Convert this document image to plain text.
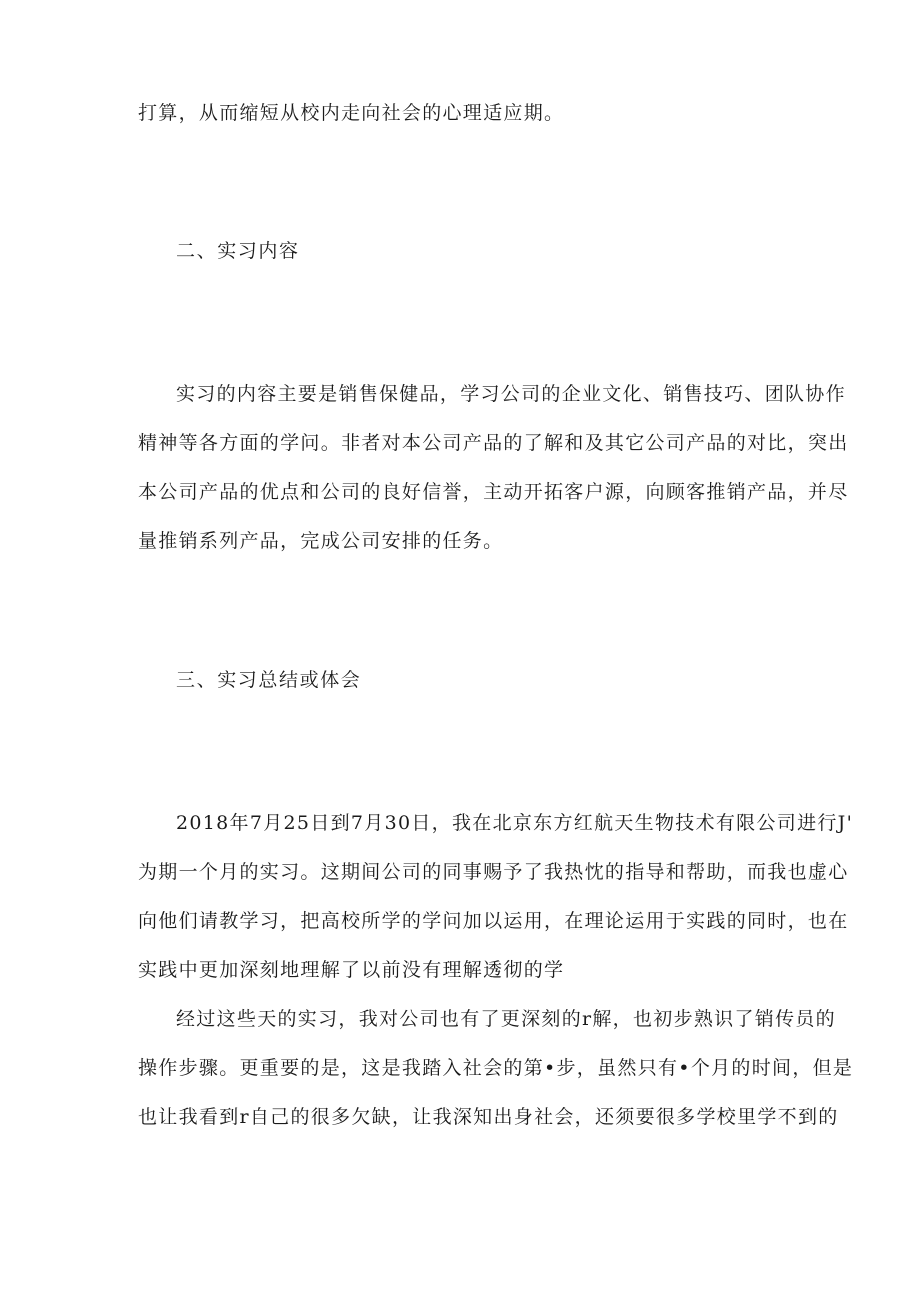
打算，从而缩短从校内走向社会的心理适应期。
二、实习内容
实习的内容主要是销售保健品，学习公司的企业文化、销售技巧、团队协作
精神等各方面的学问。非者对本公司产品的了解和及其它公司产品的对比，突出
本公司产品的优点和公司的良好信誉，主动开拓客户源，向顾客推销产品，并尽
量推销系列产品，完成公司安排的任务。
三、实习总结或体会
2018年7月25日到7月30日，我在北京东方红航天生物技术有限公司进行J'
为期一个月的实习。这期间公司的同事赐予了我热忱的指导和帮助，而我也虚心
向他们请教学习，把高校所学的学问加以运用，在理论运用于实践的同时，也在
实践中更加深刻地理解了以前没有理解透彻的学
经过这些天的实习，我对公司也有了更深刻的r解，也初步熟识了销传员的
操作步骤。更重要的是，这是我踏入社会的第•步，虽然只有•个月的时间，但是
也让我看到r自己的很多欠缺，让我深知出身社会，还须要很多学校里学不到的
